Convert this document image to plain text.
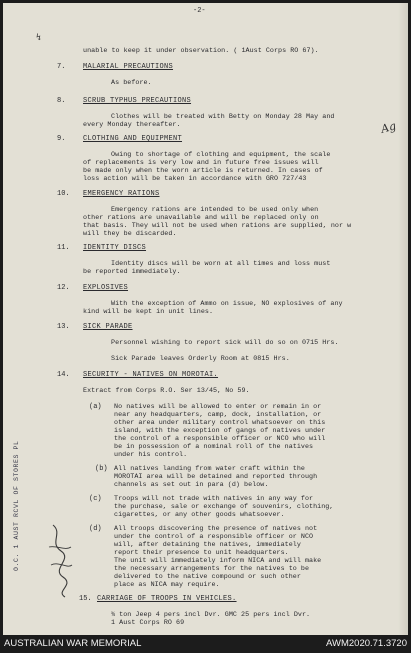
-2-
unable to keep it under observation. ( 1Aust Corps RO 67).
↯
Ag
7.	MALARIAL PRECAUTIONS
As before.
8.	SCRUB TYPHUS PRECAUTIONS
Clothes will be treated with Betty on Monday 28 May and
every Monday thereafter.
9.	CLOTHING AND EQUIPMENT
Owing to shortage of clothing and equipment, the scale
of replacements is very low and in future free issues will
be made only when the worn article is returned. In cases of
loss action will be taken in accordance with GRO 727/43
10. EMERGENCY RATIONS
Emergency rations are intended to be used only when
other rations are unavailable and will be replaced only on
that basis. They will not be used when rations are supplied, nor w
will they be discarded.
11. IDENTITY DISCS
Identity discs will be worn at all times and loss must
be reported immediately.
12. EXPLOSIVES
With the exception of Ammo on issue, NO explosives of any
kind will be kept in unit lines.
13. SICK PARADE
Personnel wishing to report sick will do so on 0715 Hrs.
Sick Parade leaves Orderly Room at 0815 Hrs.
14. SECURITY - NATIVES ON MOROTAI.
Extract from Corps R.O. Ser 13/45, No 59.
(a) No natives will be allowed to enter or remain in or
near any headquarters, camp, dock, installation, or
other area under military control whatsoever on this
island, with the exception of gangs of natives under
the control of a responsible officer or NCO who will
be in possession of a nominal roll of the natives
under his control.
(b) All natives landing from water craft within the
MOROTAI area will be detained and reported through
channels as set out in para (d) below.
(c) Troops will not trade with natives in any way for
the purchase, sale or exchange of souvenirs, clothing,
cigarettes, or any other goods whatsoever.
(d) All troops discovering the presence of natives not
under the control of a responsible officer or NCO
will, after detaining the natives, immediately
report their presence to unit headquarters.
The unit will immediately inform NICA and will make
the necessary arrangements for the natives to be
delivered to the native compound or such other
place as NICA may require.
15. CARRIAGE OF TROOPS IN VEHICLES.
¾ ton Jeep 4 pers incl Dvr. GMC 25 pers incl Dvr.
1 Aust Corps RO 69
O.C. 1 AUST RCVL OF STORES PL
AUSTRALIAN WAR MEMORIAL	AWM2020.71.3720
